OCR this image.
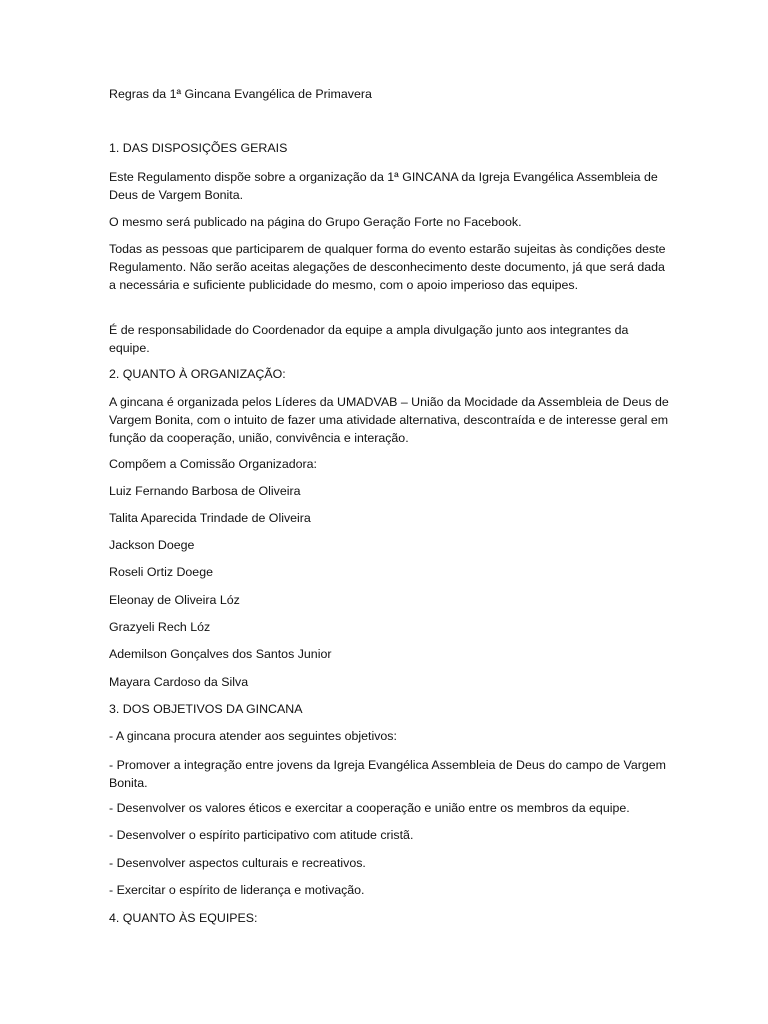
Regras da 1ª Gincana Evangélica de Primavera
1. DAS DISPOSIÇÕES GERAIS

Este Regulamento dispõe sobre a organização da 1ª GINCANA da Igreja Evangélica Assembleia de Deus de Vargem Bonita.

O mesmo será publicado na página do Grupo Geração Forte no Facebook.

Todas as pessoas que participarem de qualquer forma do evento estarão sujeitas às condições deste Regulamento. Não serão aceitas alegações de desconhecimento deste documento, já que será dada a necessária e suficiente publicidade do mesmo, com o apoio imperioso das equipes.

É de responsabilidade do Coordenador da equipe a ampla divulgação junto aos integrantes da equipe.

2. QUANTO À ORGANIZAÇÃO:

A gincana é organizada pelos Líderes da UMADVAB – União da Mocidade da Assembleia de Deus de Vargem Bonita, com o intuito de fazer uma atividade alternativa, descontraída e de interesse geral em função da cooperação, união, convivência e interação.

Compõem a Comissão Organizadora:

Luiz Fernando Barbosa de Oliveira

Talita Aparecida Trindade de Oliveira

Jackson Doege

Roseli Ortiz Doege

Eleonay de Oliveira Lóz

Grazyeli Rech Lóz

Ademilson Gonçalves dos Santos Junior

Mayara Cardoso da Silva

3. DOS OBJETIVOS DA GINCANA

- A gincana procura atender aos seguintes objetivos:

- Promover a integração entre jovens da Igreja Evangélica Assembleia de Deus do campo de Vargem Bonita.

- Desenvolver os valores éticos e exercitar a cooperação e união entre os membros da equipe.

- Desenvolver o espírito participativo com atitude cristã.

- Desenvolver aspectos culturais e recreativos.

- Exercitar o espírito de liderança e motivação.

4. QUANTO ÀS EQUIPES:
